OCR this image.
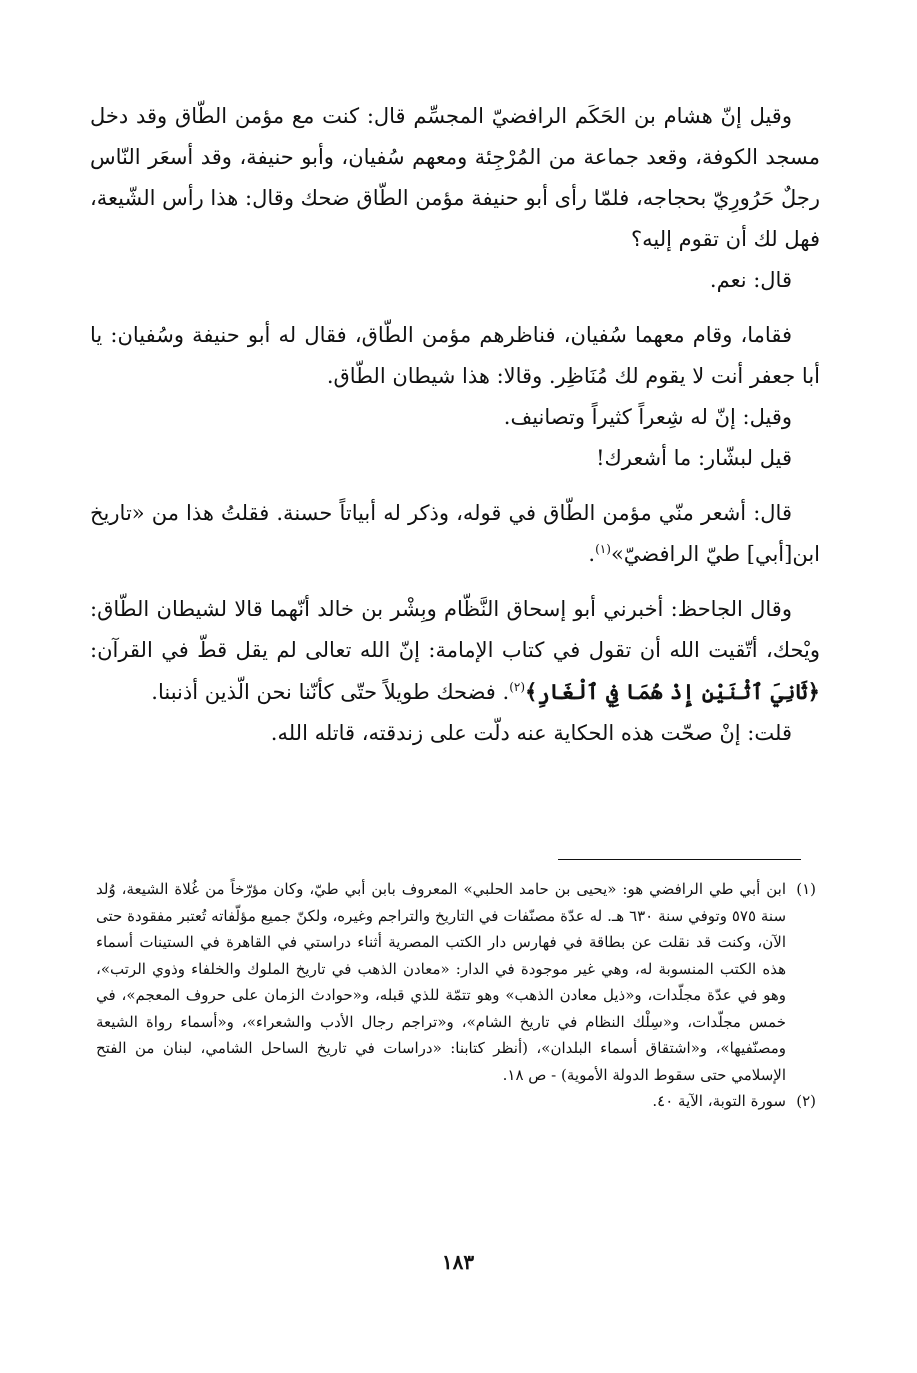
وقيل إنّ هشام بن الحَكَم الرافضيّ المجسِّم قال: كنت مع مؤمن الطّاق وقد دخل مسجد الكوفة، وقعد جماعة من المُرْجِئة ومعهم سُفيان، وأبو حنيفة، وقد أسعَر النّاس رجلٌ حَرُورِيّ بحجاجه، فلمّا رأى أبو حنيفة مؤمن الطّاق ضحك وقال: هذا رأس الشّيعة، فهل لك أن تقوم إليه؟

قال: نعم.

فقاما، وقام معهما سُفيان، فناظرهم مؤمن الطّاق، فقال له أبو حنيفة وسُفيان: يا أبا جعفر أنت لا يقوم لك مُنَاظِر. وقالا: هذا شيطان الطّاق.

وقيل: إنّ له شِعراً كثيراً وتصانيف.

قيل لبشّار: ما أشعرك!

قال: أشعر منّي مؤمن الطّاق في قوله، وذكر له أبياتاً حسنة. فقلتُ هذا من «تاريخ ابن[أبي] طيّ الرافضيّ»$^{(١)}$.

وقال الجاحظ: أخبرني أبو إسحاق النَّظّام وبِشْر بن خالد أنّهما قالا لشيطان الطّاق: ويْحك، أتّقيت الله أن تقول في كتاب الإمامة: إنّ الله تعالى لم يقل قطّ في القرآن: ﴿ثَانِيَ ٱثْنَيْنِ إِذْ هُمَا فِي ٱلْغَارِ﴾$^{(٢)}$. فضحك طويلاً حتّى كأنّنا نحن الّذين أذنبنا.

قلت: إنْ صحّت هذه الحكاية عنه دلّت على زندقته، قاتله الله.

(١)
ابن أبي طي الرافضي هو: «يحيى بن حامد الحلبي» المعروف بابن أبي طيّ، وكان مؤرّخاً من غُلاة الشيعة، وُلد سنة ٥٧٥ وتوفي سنة ٦٣٠ هـ. له عدّة مصنّفات في التاريخ والتراجم وغيره، ولكنّ جميع مؤلّفاته تُعتبر مفقودة حتى الآن، وكنت قد نقلت عن بطاقة في فهارس دار الكتب المصرية أثناء دراستي في القاهرة في الستينات أسماء هذه الكتب المنسوبة له، وهي غير موجودة في الدار: «معادن الذهب في تاريخ الملوك والخلفاء وذوي الرتب»، وهو في عدّة مجلّدات، و«ذيل معادن الذهب» وهو تتمّة للذي قبله، و«حوادث الزمان على حروف المعجم»، في خمس مجلّدات، و«سِلْك النظام في تاريخ الشام»، و«تراجم رجال الأدب والشعراء»، و«أسماء رواة الشيعة ومصنّفيها»، و«اشتقاق أسماء البلدان»، (أنظر كتابنا: «دراسات في تاريخ الساحل الشامي، لبنان من الفتح الإسلامي حتى سقوط الدولة الأموية) - ص ١٨.
(٢)
سورة التوبة، الآية ٤٠.
١٨٣
